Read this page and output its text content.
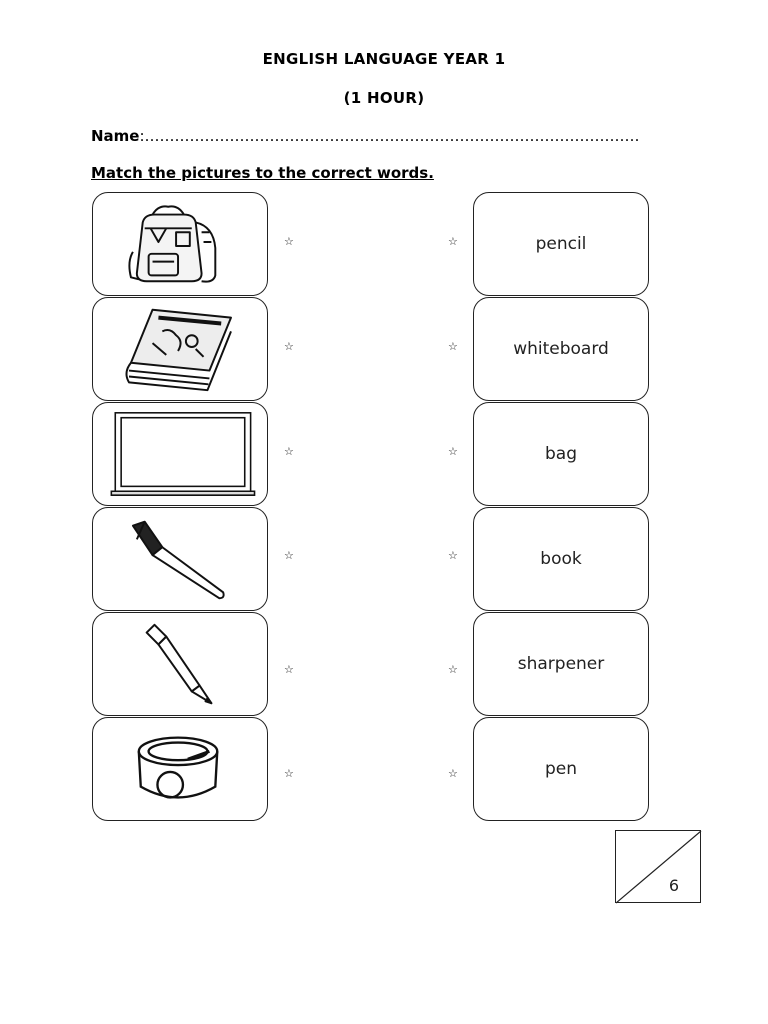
ENGLISH LANGUAGE YEAR 1
(1 HOUR)
Name:………………………………………………………………………………………
Match the pictures to the correct words.
☆
☆
☆
☆
☆
☆
☆
☆
☆
☆
☆
☆
pencil
whiteboard
bag
book
sharpener
pen
6
